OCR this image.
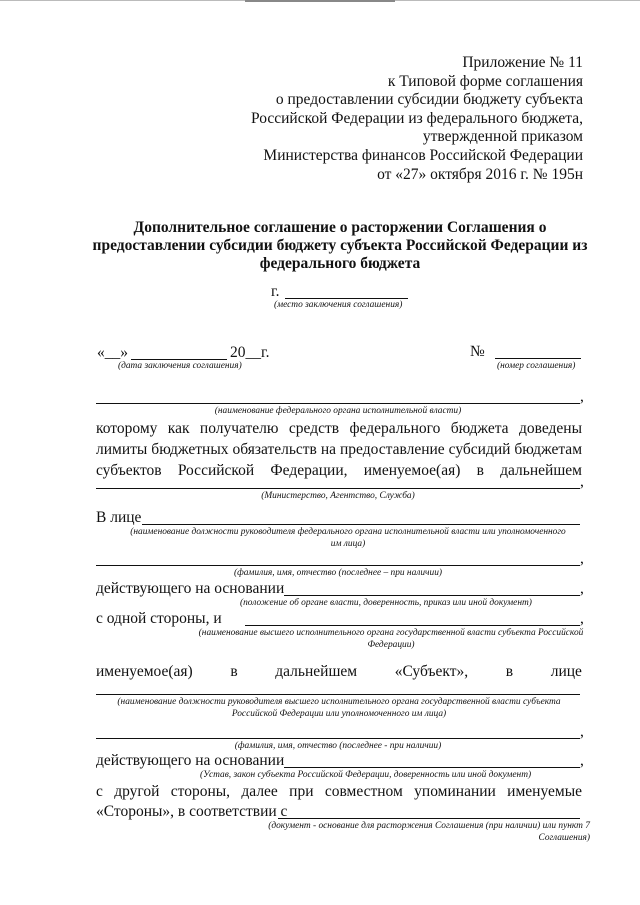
Приложение № 11
к Типовой форме соглашения
о предоставлении субсидии бюджету субъекта
Российской Федерации из федерального бюджета,
утвержденной приказом
Министерства финансов Российской Федерации
от «27» октября 2016 г. № 195н
Дополнительное соглашение о расторжении Соглашения о предоставлении субсидии бюджету субъекта Российской Федерации из федерального бюджета
г.
(место заключения соглашения)
«__»	20__г.
(дата заключения соглашения)
№
(номер соглашения)
,
(наименование федерального органа исполнительной власти)
которому как получателю средств федерального бюджета доведены
лимиты бюджетных обязательств на предоставление субсидий бюджетам
субъектов Российской Федерации, именуемое(ая) в дальнейшем
,
(Министерство, Агентство, Служба)
В лице
(наименование должности руководителя федерального органа исполнительной власти или уполномоченного им лица)
,
(фамилия, имя, отчество (последнее – при наличии)
действующего на основании	,
(положение об органе власти, доверенность, приказ или иной документ)
с одной стороны, и	,
(наименование высшего исполнительного органа государственной власти субъекта Российской Федерации)
именуемое(ая) в дальнейшем «Субъект», в лице
(наименование должности руководителя высшего исполнительного органа государственной власти субъекта Российской Федерации или уполномоченного им лица)
,
(фамилия, имя, отчество (последнее - при наличии)
действующего на основании	,
(Устав, закон субъекта Российской Федерации, доверенность или иной документ)
с другой стороны, далее при совместном упоминании именуемые
«Стороны», в соответствии с
(документ - основание для расторжения Соглашения (при наличии) или пункт 7 Соглашения)
